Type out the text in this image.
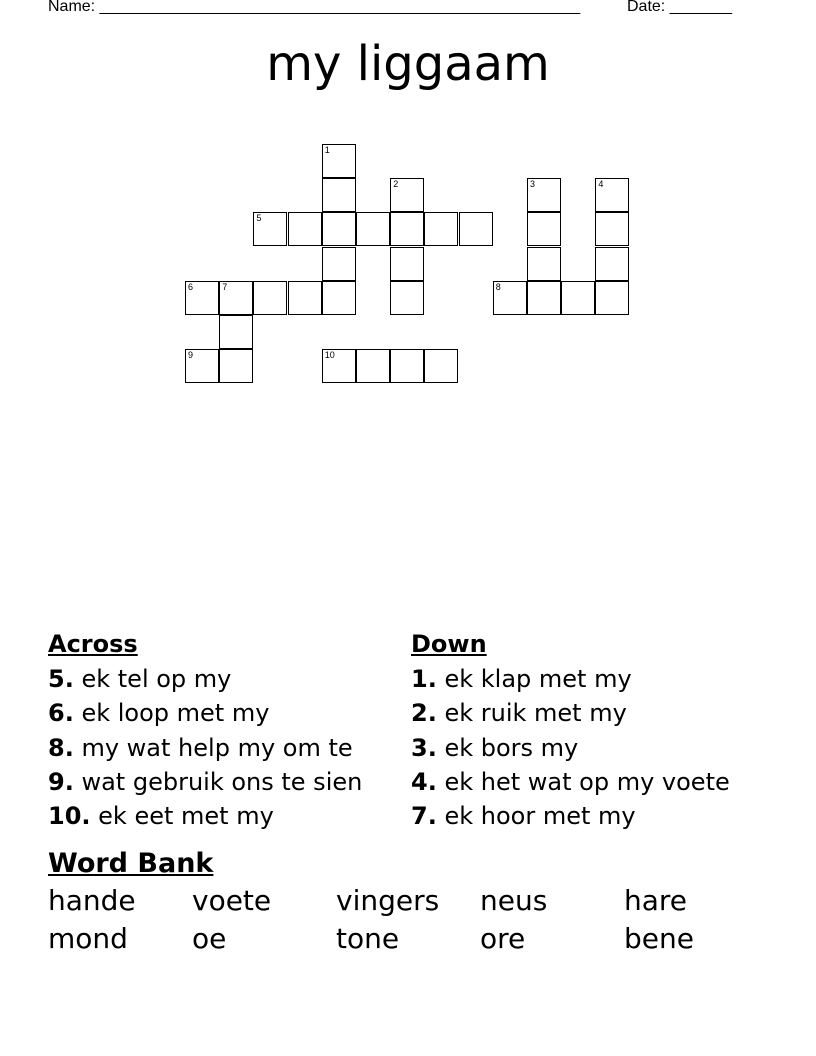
Name: ______________________________________________________	Date: _______
my liggaam
1
2	3	4
5
6	7	8
9	10
Across
5. ek tel op my
6. ek loop met my
8. my wat help my om te
9. wat gebruik ons te sien
10. ek eet met my
Down
1. ek klap met my
2. ek ruik met my
3. ek bors my
4. ek het wat op my voete
7. ek hoor met my
Word Bank
hande voete vingers neus	hare
mond oe	tone	ore	bene
